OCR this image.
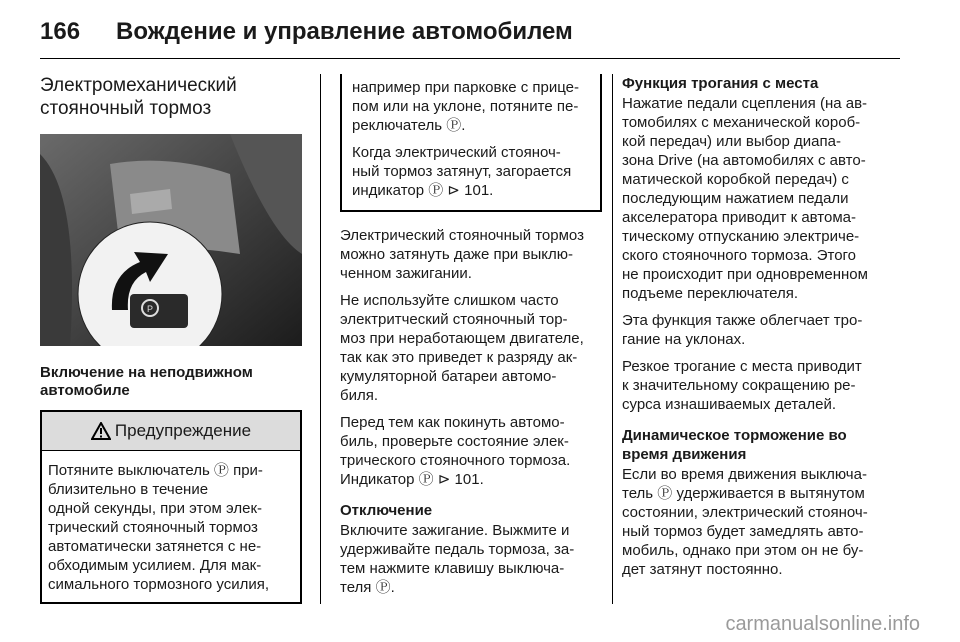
166 Вождение и управление автомобилем
Электромеханический
стояночный тормоз
P
Включение на неподвижном
автомобиле
Предупреждение
Потяните выключатель Ⓟ при-
близительно в течение
одной секунды, при этом элек-
трический стояночный тормоз
автоматически затянется с не-
обходимым усилием. Для мак-
симального тормозного усилия,

например при парковке с прице-
пом или на уклоне, потяните пе-
реключатель Ⓟ.

Когда электрический стояноч-
ный тормоз затянут, загорается
индикатор Ⓟ ⊳ 101.

Электрический стояночный тормоз
можно затянуть даже при выклю-
ченном зажигании.

Не используйте слишком часто
электритческий стояночный тор-
моз при неработающем двигателе,
так как это приведет к разряду ак-
кумуляторной батареи автомо-
биля.

Перед тем как покинуть автомо-
биль, проверьте состояние элек-
трического стояночного тормоза.
Индикатор Ⓟ ⊳ 101.

Отключение

Включите зажигание. Выжмите и
удерживайте педаль тормоза, за-
тем нажмите клавишу выключа-
теля Ⓟ.

Функция трогания с места

Нажатие педали сцепления (на ав-
томобилях с механической короб-
кой передач) или выбор диапа-
зона Drive (на автомобилях с авто-
матической коробкой передач) с
последующим нажатием педали
акселератора приводит к автома-
тическому отпусканию электриче-
ского стояночного тормоза. Этого
не происходит при одновременном
подъеме переключателя.

Эта функция также облегчает тро-
гание на уклонах.

Резкое трогание с места приводит
к значительному сокращению ре-
сурса изнашиваемых деталей.

Динамическое торможение во
время движения

Если во время движения выключа-
тель Ⓟ удерживается в вытянутом
состоянии, электрический стояноч-
ный тормоз будет замедлять авто-
мобиль, однако при этом он не бу-
дет затянут постоянно.

carmanualsonline.info
